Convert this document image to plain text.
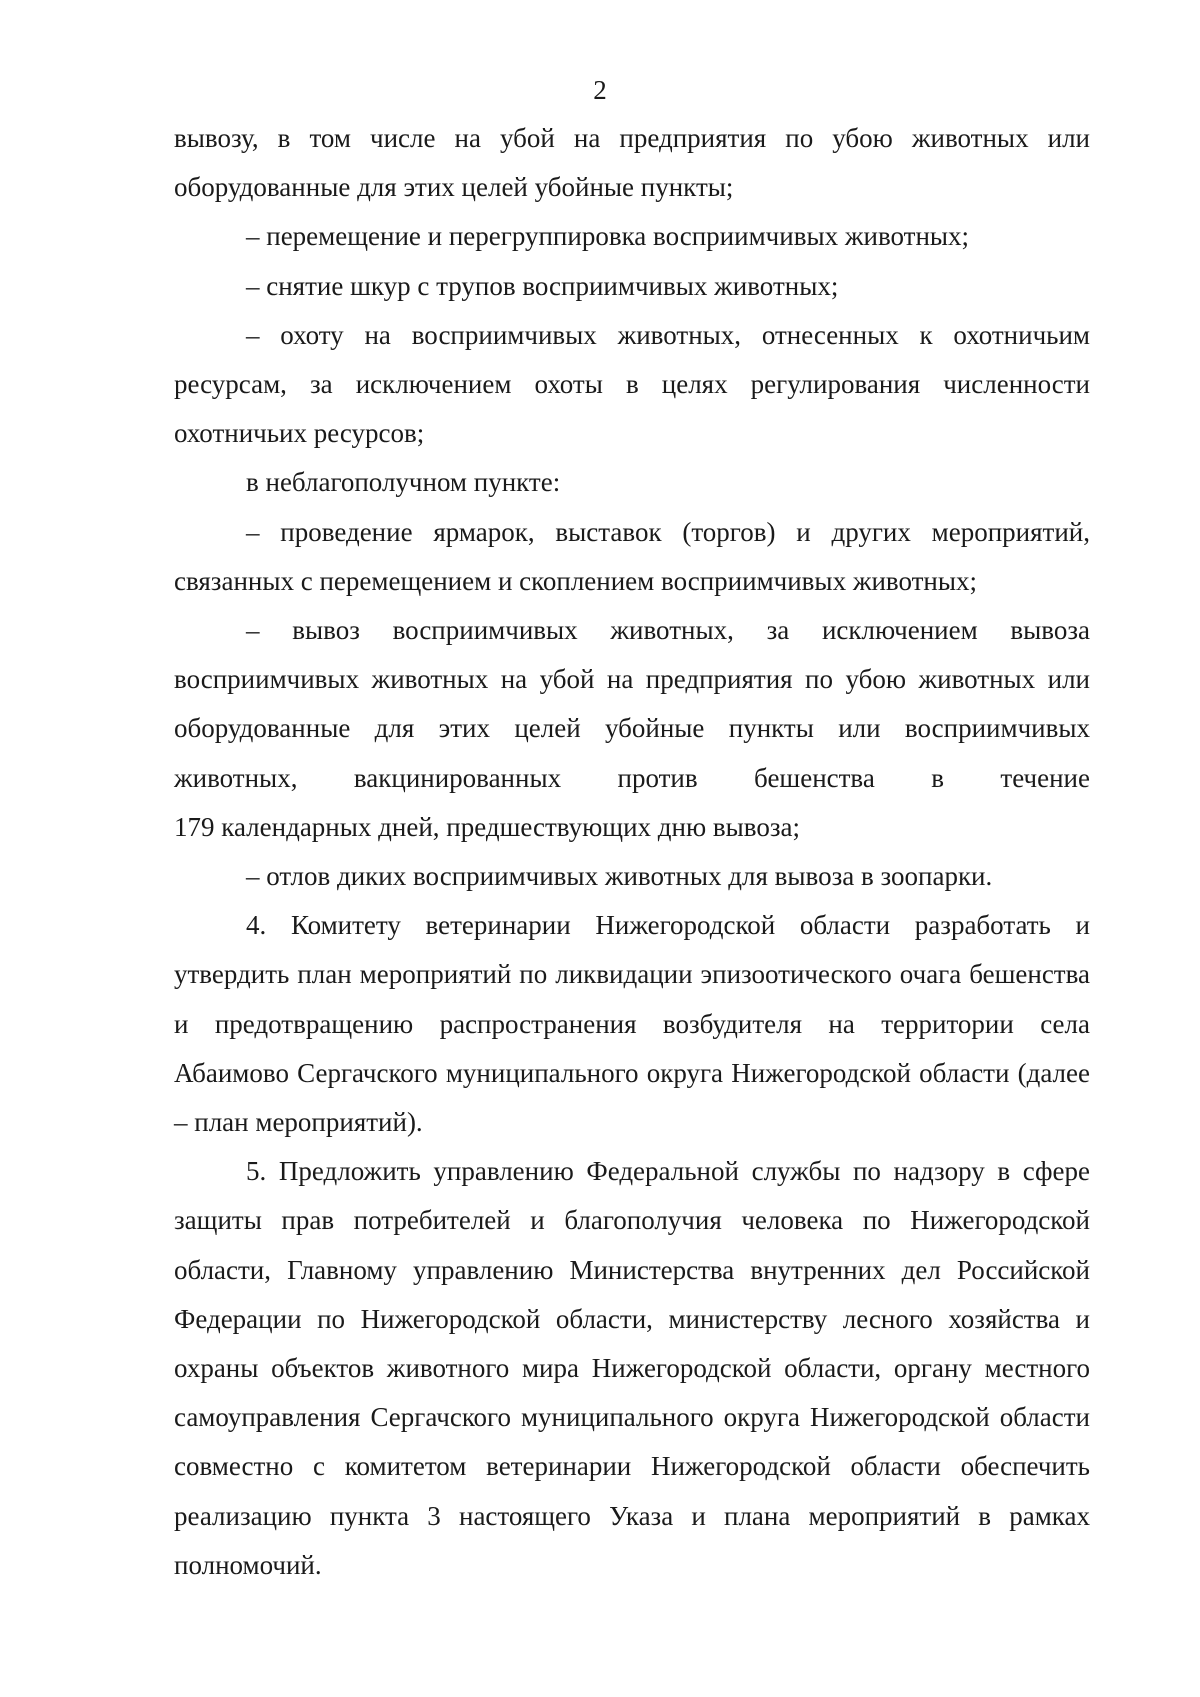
2

вывозу, в том числе на убой на предприятия по убою животных или оборудованные для этих целей убойные пункты;

– перемещение и перегруппировка восприимчивых животных;

– снятие шкур с трупов восприимчивых животных;

– охоту на восприимчивых животных, отнесенных к охотничьим ресурсам, за исключением охоты в целях регулирования численности охотничьих ресурсов;

в неблагополучном пункте:

– проведение ярмарок, выставок (торгов) и других мероприятий, связанных с перемещением и скоплением восприимчивых животных;

– вывоз восприимчивых животных, за исключением вывоза восприимчивых животных на убой на предприятия по убою животных или оборудованные для этих целей убойные пункты или восприимчивых животных, вакцинированных против бешенства в течение

179 календарных дней, предшествующих дню вывоза;

– отлов диких восприимчивых животных для вывоза в зоопарки.

4. Комитету ветеринарии Нижегородской области разработать и утвердить план мероприятий по ликвидации эпизоотического очага бешенства и предотвращению распространения возбудителя на территории села Абаимово Сергачского муниципального округа Нижегородской области (далее – план мероприятий).

5. Предложить управлению Федеральной службы по надзору в сфере защиты прав потребителей и благополучия человека по Нижегородской области, Главному управлению Министерства внутренних дел Российской Федерации по Нижегородской области, министерству лесного хозяйства и охраны объектов животного мира Нижегородской области, органу местного самоуправления Сергачского муниципального округа Нижегородской области совместно с комитетом ветеринарии Нижегородской области обеспечить реализацию пункта 3 настоящего Указа и плана мероприятий в рамках полномочий.
